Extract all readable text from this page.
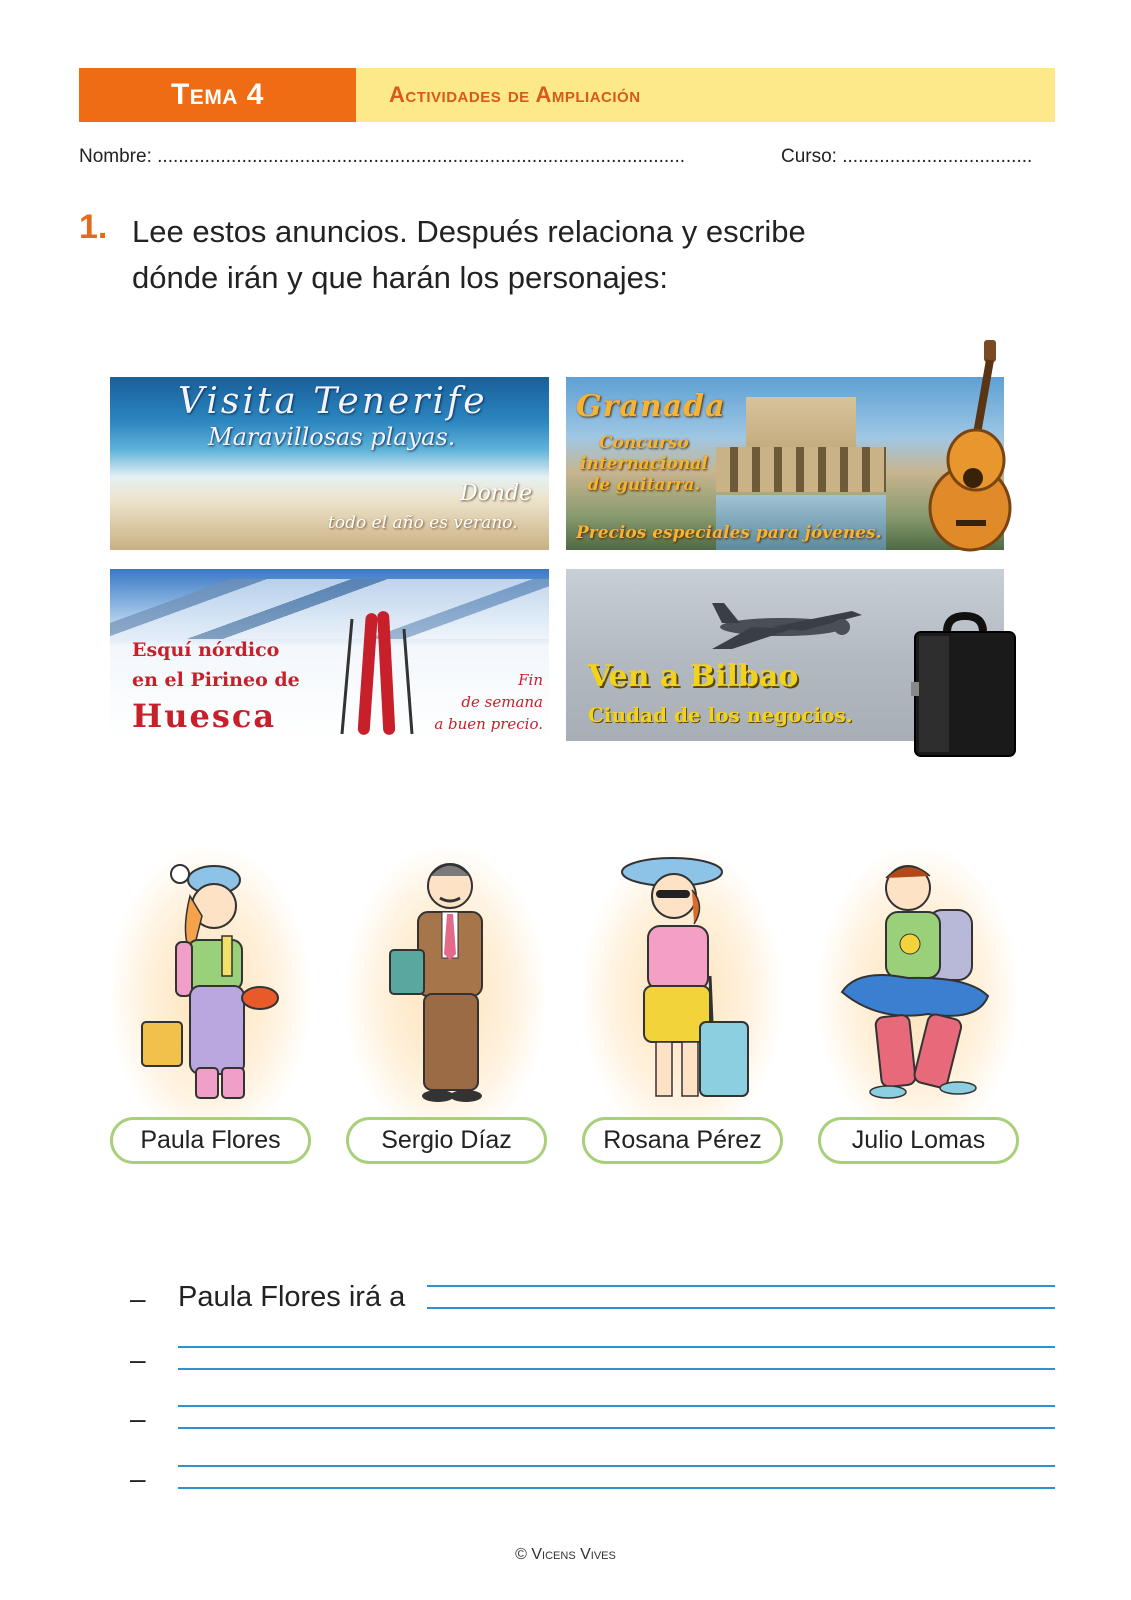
Tema 4	Actividades de Ampliación
Nombre: ....................................................................................................	Curso: ....................................
1. Lee estos anuncios. Después relaciona y escribe
dónde irán y que harán los personajes:
Visita Tenerife
Maravillosas playas.
Donde
todo el año es verano.
Granada
Concurso
internacional
de guitarra.
Precios especiales para jóvenes.
Esquí nórdico
en el Pirineo de
Huesca
Fin
de semana
a buen precio.
Ven a Bilbao
Ciudad de los negocios.
Paula Flores	Sergio Díaz	Rosana Pérez	Julio Lomas
– Paula Flores irá a
–
–
–
© Vicens Vives
